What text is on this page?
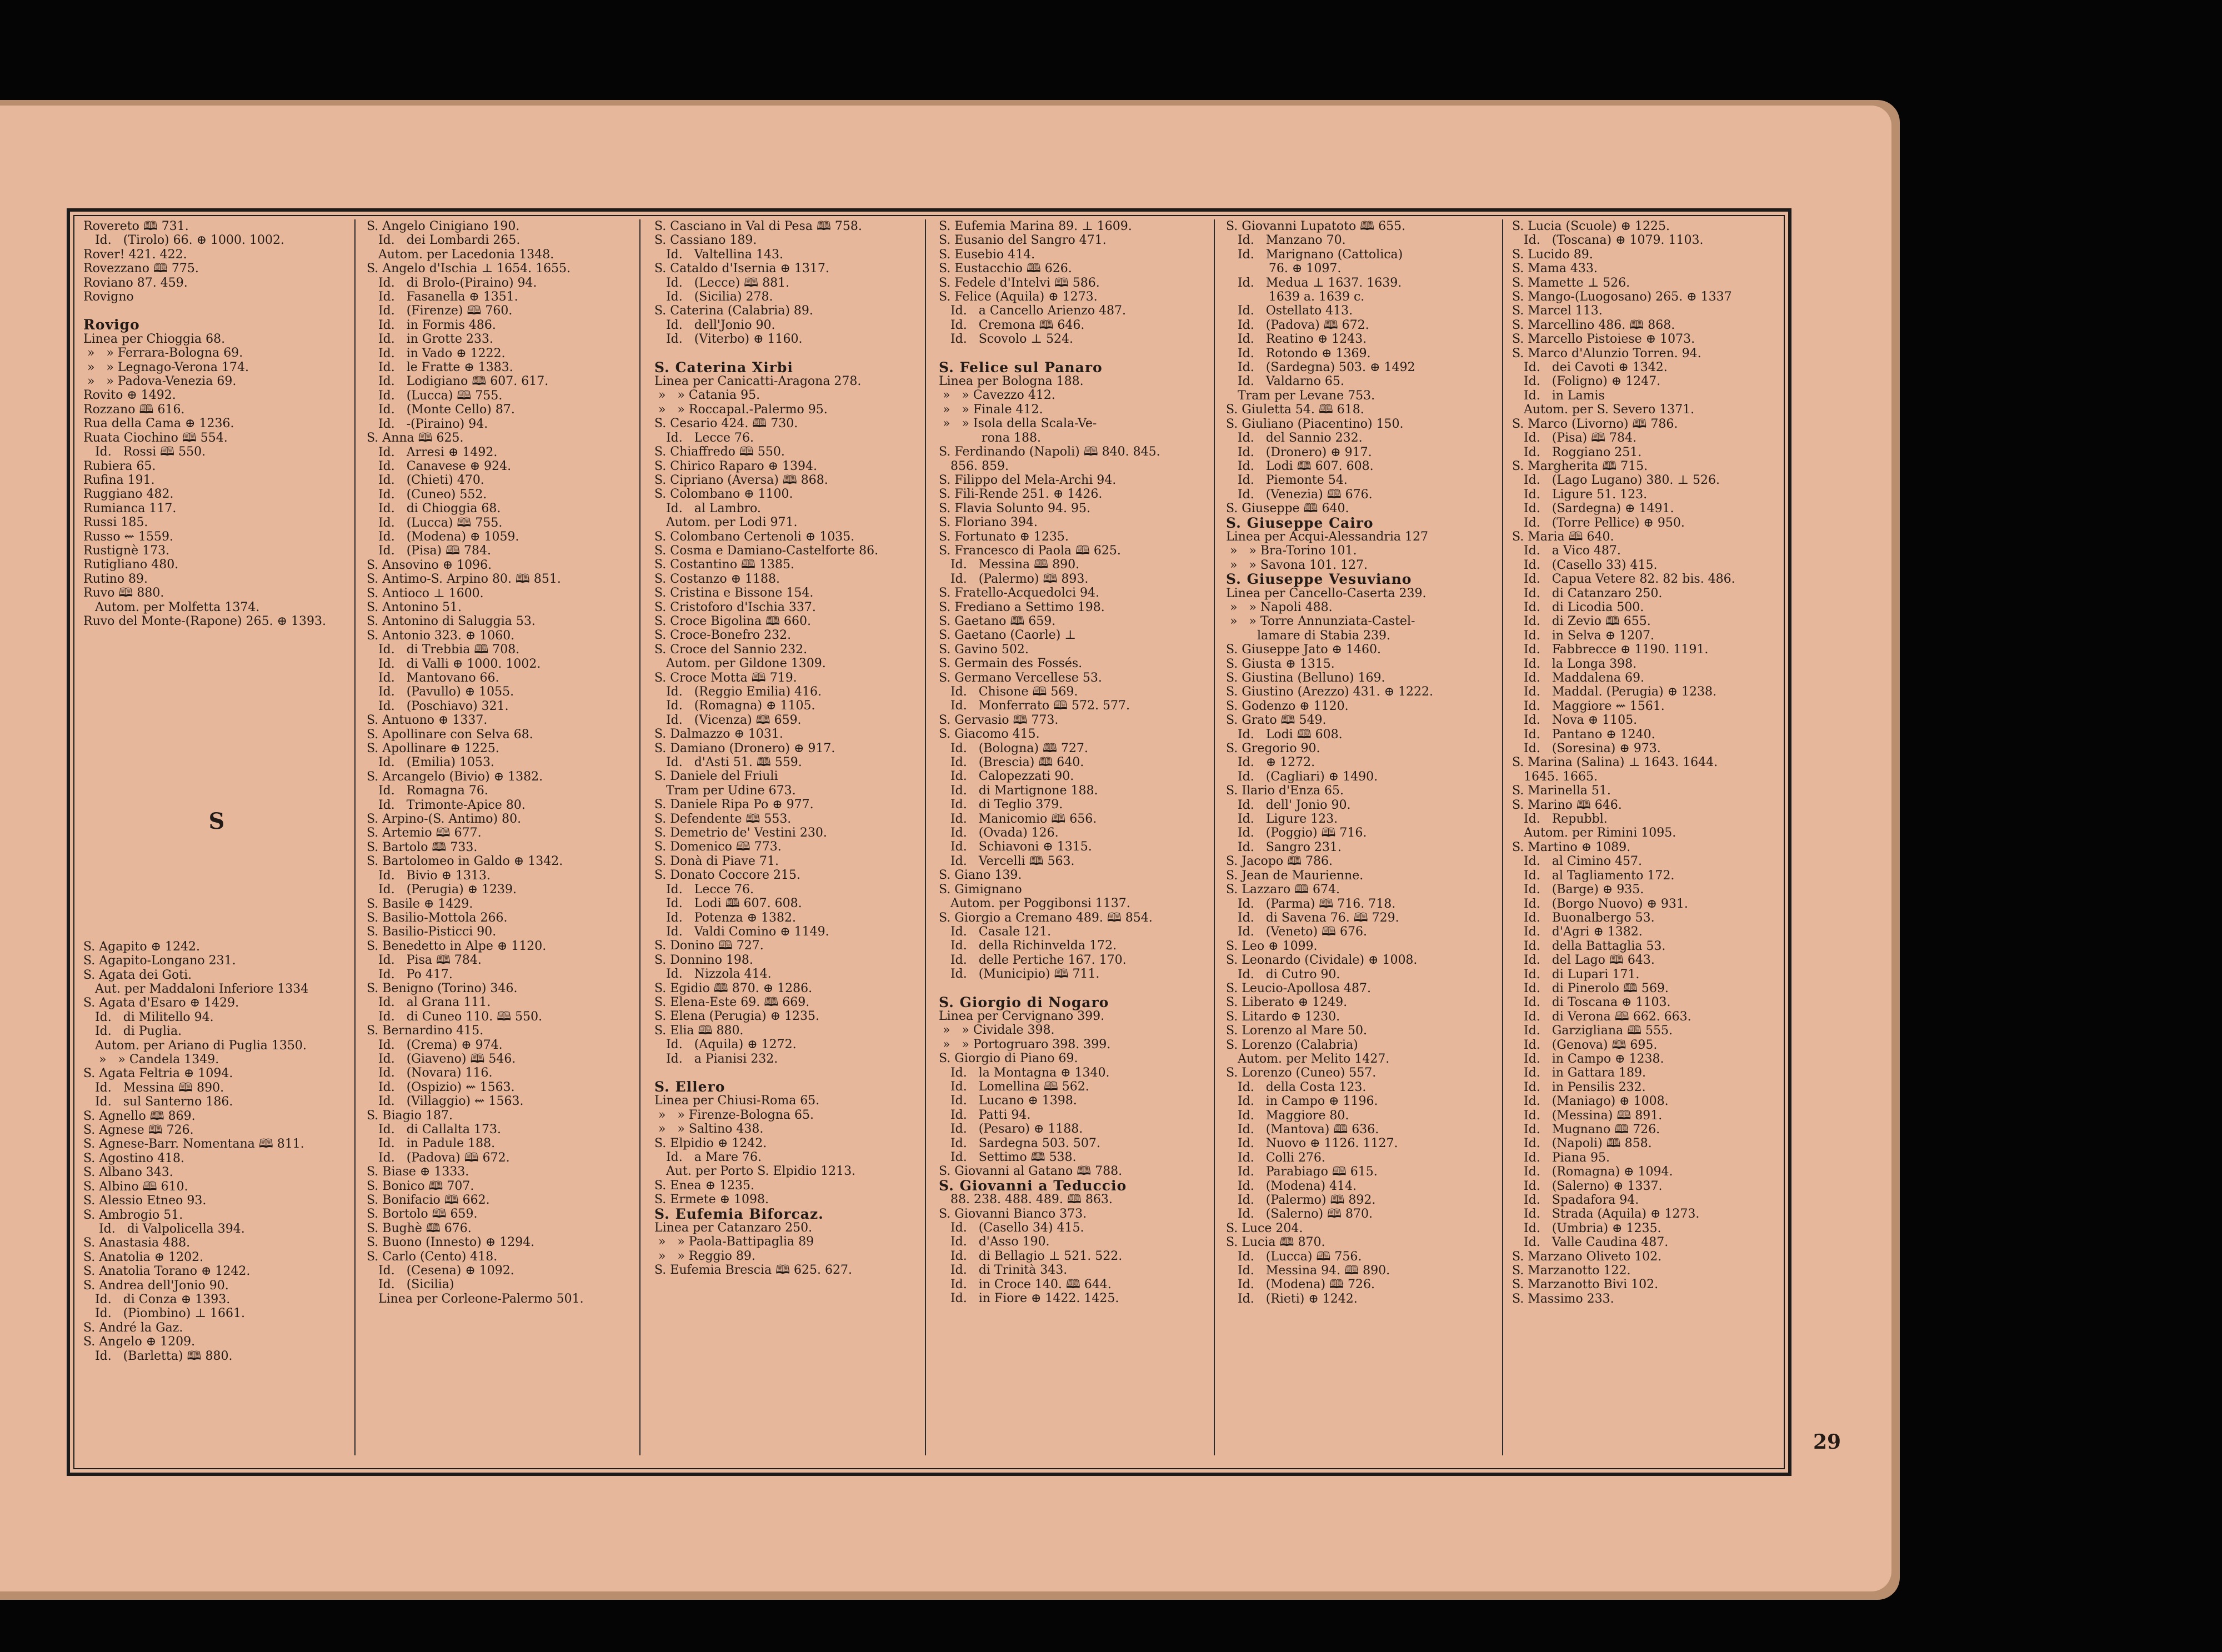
Rovereto 🕮 731.
Id.   (Tirolo) 66. ⊕ 1000. 1002.
Rover! 421. 422.
Rovezzano 🕮 775.
Roviano 87. 459.
Rovigno
Rovigo
Linea per Chioggia 68.
»   » Ferrara-Bologna 69.
»   » Legnago-Verona 174.
»   » Padova-Venezia 69.
Rovito ⊕ 1492.
Rozzano 🕮 616.
Rua della Cama ⊕ 1236.
Ruata Ciochino 🕮 554.
Id.   Rossi 🕮 550.
Rubiera 65.
Rufina 191.
Ruggiano 482.
Rumianca 117.
Russi 185.
Russo ⇜ 1559.
Rustignè 173.
Rutigliano 480.
Rutino 89.
Ruvo 🕮 880.
Autom. per Molfetta 1374.
Ruvo del Monte-(Rapone) 265. ⊕ 1393.
S
S. Agapito ⊕ 1242.
S. Agapito-Longano 231.
S. Agata dei Goti.
Aut. per Maddaloni Inferiore 1334
S. Agata d'Esaro ⊕ 1429.
Id.   di Militello 94.
Id.   di Puglia.
Autom. per Ariano di Puglia 1350.
»   » Candela 1349.
S. Agata Feltria ⊕ 1094.
Id.   Messina 🕮 890.
Id.   sul Santerno 186.
S. Agnello 🕮 869.
S. Agnese 🕮 726.
S. Agnese-Barr. Nomentana 🕮 811.
S. Agostino 418.
S. Albano 343.
S. Albino 🕮 610.
S. Alessio Etneo 93.
S. Ambrogio 51.
Id.   di Valpolicella 394.
S. Anastasia 488.
S. Anatolia ⊕ 1202.
S. Anatolia Torano ⊕ 1242.
S. Andrea dell'Jonio 90.
Id.   di Conza ⊕ 1393.
Id.   (Piombino) ⊥ 1661.
S. André la Gaz.
S. Angelo ⊕ 1209.
Id.   (Barletta) 🕮 880.
S. Angelo Cinigiano 190.
Id.   dei Lombardi 265.
Autom. per Lacedonia 1348.
S. Angelo d'Ischia ⊥ 1654. 1655.
Id.   di Brolo-(Piraino) 94.
Id.   Fasanella ⊕ 1351.
Id.   (Firenze) 🕮 760.
Id.   in Formis 486.
Id.   in Grotte 233.
Id.   in Vado ⊕ 1222.
Id.   le Fratte ⊕ 1383.
Id.   Lodigiano 🕮 607. 617.
Id.   (Lucca) 🕮 755.
Id.   (Monte Cello) 87.
Id.   -(Piraino) 94.
S. Anna 🕮 625.
Id.   Arresi ⊕ 1492.
Id.   Canavese ⊕ 924.
Id.   (Chieti) 470.
Id.   (Cuneo) 552.
Id.   di Chioggia 68.
Id.   (Lucca) 🕮 755.
Id.   (Modena) ⊕ 1059.
Id.   (Pisa) 🕮 784.
S. Ansovino ⊕ 1096.
S. Antimo-S. Arpino 80. 🕮 851.
S. Antioco ⊥ 1600.
S. Antonino 51.
S. Antonino di Saluggia 53.
S. Antonio 323. ⊕ 1060.
Id.   di Trebbia 🕮 708.
Id.   di Valli ⊕ 1000. 1002.
Id.   Mantovano 66.
Id.   (Pavullo) ⊕ 1055.
Id.   (Poschiavo) 321.
S. Antuono ⊕ 1337.
S. Apollinare con Selva 68.
S. Apollinare ⊕ 1225.
Id.   (Emilia) 1053.
S. Arcangelo (Bivio) ⊕ 1382.
Id.   Romagna 76.
Id.   Trimonte-Apice 80.
S. Arpino-(S. Antimo) 80.
S. Artemio 🕮 677.
S. Bartolo 🕮 733.
S. Bartolomeo in Galdo ⊕ 1342.
Id.   Bivio ⊕ 1313.
Id.   (Perugia) ⊕ 1239.
S. Basile ⊕ 1429.
S. Basilio-Mottola 266.
S. Basilio-Pisticci 90.
S. Benedetto in Alpe ⊕ 1120.
Id.   Pisa 🕮 784.
Id.   Po 417.
S. Benigno (Torino) 346.
Id.   al Grana 111.
Id.   di Cuneo 110. 🕮 550.
S. Bernardino 415.
Id.   (Crema) ⊕ 974.
Id.   (Giaveno) 🕮 546.
Id.   (Novara) 116.
Id.   (Ospizio) ⇜ 1563.
Id.   (Villaggio) ⇜ 1563.
S. Biagio 187.
Id.   di Callalta 173.
Id.   in Padule 188.
Id.   (Padova) 🕮 672.
S. Biase ⊕ 1333.
S. Bonico 🕮 707.
S. Bonifacio 🕮 662.
S. Bortolo 🕮 659.
S. Bughè 🕮 676.
S. Buono (Innesto) ⊕ 1294.
S. Carlo (Cento) 418.
Id.   (Cesena) ⊕ 1092.
Id.   (Sicilia)
Linea per Corleone-Palermo 501.
S. Casciano in Val di Pesa 🕮 758.
S. Cassiano 189.
Id.   Valtellina 143.
S. Cataldo d'Isernia ⊕ 1317.
Id.   (Lecce) 🕮 881.
Id.   (Sicilia) 278.
S. Caterina (Calabria) 89.
Id.   dell'Jonio 90.
Id.   (Viterbo) ⊕ 1160.
S. Caterina Xirbi
Linea per Canicatti-Aragona 278.
»   » Catania 95.
»   » Roccapal.-Palermo 95.
S. Cesario 424. 🕮 730.
Id.   Lecce 76.
S. Chiaffredo 🕮 550.
S. Chirico Raparo ⊕ 1394.
S. Cipriano (Aversa) 🕮 868.
S. Colombano ⊕ 1100.
Id.   al Lambro.
Autom. per Lodi 971.
S. Colombano Certenoli ⊕ 1035.
S. Cosma e Damiano-Castelforte 86.
S. Costantino 🕮 1385.
S. Costanzo ⊕ 1188.
S. Cristina e Bissone 154.
S. Cristoforo d'Ischia 337.
S. Croce Bigolina 🕮 660.
S. Croce-Bonefro 232.
S. Croce del Sannio 232.
Autom. per Gildone 1309.
S. Croce Motta 🕮 719.
Id.   (Reggio Emilia) 416.
Id.   (Romagna) ⊕ 1105.
Id.   (Vicenza) 🕮 659.
S. Dalmazzo ⊕ 1031.
S. Damiano (Dronero) ⊕ 917.
Id.   d'Asti 51. 🕮 559.
S. Daniele del Friuli
Tram per Udine 673.
S. Daniele Ripa Po ⊕ 977.
S. Defendente 🕮 553.
S. Demetrio de' Vestini 230.
S. Domenico 🕮 773.
S. Donà di Piave 71.
S. Donato Coccore 215.
Id.   Lecce 76.
Id.   Lodi 🕮 607. 608.
Id.   Potenza ⊕ 1382.
Id.   Valdi Comino ⊕ 1149.
S. Donino 🕮 727.
S. Donnino 198.
Id.   Nizzola 414.
S. Egidio 🕮 870. ⊕ 1286.
S. Elena-Este 69. 🕮 669.
S. Elena (Perugia) ⊕ 1235.
S. Elia 🕮 880.
Id.   (Aquila) ⊕ 1272.
Id.   a Pianisi 232.
S. Ellero
Linea per Chiusi-Roma 65.
»   » Firenze-Bologna 65.
»   » Saltino 438.
S. Elpidio ⊕ 1242.
Id.   a Mare 76.
Aut. per Porto S. Elpidio 1213.
S. Enea ⊕ 1235.
S. Ermete ⊕ 1098.
S. Eufemia Biforcaz.
Linea per Catanzaro 250.
»   » Paola-Battipaglia 89
»   » Reggio 89.
S. Eufemia Brescia 🕮 625. 627.
S. Eufemia Marina 89. ⊥ 1609.
S. Eusanio del Sangro 471.
S. Eusebio 414.
S. Eustacchio 🕮 626.
S. Fedele d'Intelvi 🕮 586.
S. Felice (Aquila) ⊕ 1273.
Id.   a Cancello Arienzo 487.
Id.   Cremona 🕮 646.
Id.   Scovolo ⊥ 524.
S. Felice sul Panaro
Linea per Bologna 188.
»   » Cavezzo 412.
»   » Finale 412.
»   » Isola della Scala-Ve-
rona 188.
S. Ferdinando (Napoli) 🕮 840. 845.
856. 859.
S. Filippo del Mela-Archi 94.
S. Fili-Rende 251. ⊕ 1426.
S. Flavia Solunto 94. 95.
S. Floriano 394.
S. Fortunato ⊕ 1235.
S. Francesco di Paola 🕮 625.
Id.   Messina 🕮 890.
Id.   (Palermo) 🕮 893.
S. Fratello-Acquedolci 94.
S. Frediano a Settimo 198.
S. Gaetano 🕮 659.
S. Gaetano (Caorle) ⊥
S. Gavino 502.
S. Germain des Fossés.
S. Germano Vercellese 53.
Id.   Chisone 🕮 569.
Id.   Monferrato 🕮 572. 577.
S. Gervasio 🕮 773.
S. Giacomo 415.
Id.   (Bologna) 🕮 727.
Id.   (Brescia) 🕮 640.
Id.   Calopezzati 90.
Id.   di Martignone 188.
Id.   di Teglio 379.
Id.   Manicomio 🕮 656.
Id.   (Ovada) 126.
Id.   Schiavoni ⊕ 1315.
Id.   Vercelli 🕮 563.
S. Giano 139.
S. Gimignano
Autom. per Poggibonsi 1137.
S. Giorgio a Cremano 489. 🕮 854.
Id.   Casale 121.
Id.   della Richinvelda 172.
Id.   delle Pertiche 167. 170.
Id.   (Municipio) 🕮 711.
S. Giorgio di Nogaro
Linea per Cervignano 399.
»   » Cividale 398.
»   » Portogruaro 398. 399.
S. Giorgio di Piano 69.
Id.   la Montagna ⊕ 1340.
Id.   Lomellina 🕮 562.
Id.   Lucano ⊕ 1398.
Id.   Patti 94.
Id.   (Pesaro) ⊕ 1188.
Id.   Sardegna 503. 507.
Id.   Settimo 🕮 538.
S. Giovanni al Gatano 🕮 788.
S. Giovanni a Teduccio
88. 238. 488. 489. 🕮 863.
S. Giovanni Bianco 373.
Id.   (Casello 34) 415.
Id.   d'Asso 190.
Id.   di Bellagio ⊥ 521. 522.
Id.   di Trinità 343.
Id.   in Croce 140. 🕮 644.
Id.   in Fiore ⊕ 1422. 1425.
S. Giovanni Lupatoto 🕮 655.
Id.   Manzano 70.
Id.   Marignano (Cattolica)
76. ⊕ 1097.
Id.   Medua ⊥ 1637. 1639.
1639 a. 1639 c.
Id.   Ostellato 413.
Id.   (Padova) 🕮 672.
Id.   Reatino ⊕ 1243.
Id.   Rotondo ⊕ 1369.
Id.   (Sardegna) 503. ⊕ 1492
Id.   Valdarno 65.
Tram per Levane 753.
S. Giuletta 54. 🕮 618.
S. Giuliano (Piacentino) 150.
Id.   del Sannio 232.
Id.   (Dronero) ⊕ 917.
Id.   Lodi 🕮 607. 608.
Id.   Piemonte 54.
Id.   (Venezia) 🕮 676.
S. Giuseppe 🕮 640.
S. Giuseppe Cairo
Linea per Acqui-Alessandria 127
»   » Bra-Torino 101.
»   » Savona 101. 127.
S. Giuseppe Vesuviano
Linea per Cancello-Caserta 239.
»   » Napoli 488.
»   » Torre Annunziata-Castel-
lamare di Stabia 239.
S. Giuseppe Jato ⊕ 1460.
S. Giusta ⊕ 1315.
S. Giustina (Belluno) 169.
S. Giustino (Arezzo) 431. ⊕ 1222.
S. Godenzo ⊕ 1120.
S. Grato 🕮 549.
Id.   Lodi 🕮 608.
S. Gregorio 90.
Id.   ⊕ 1272.
Id.   (Cagliari) ⊕ 1490.
S. Ilario d'Enza 65.
Id.   dell' Jonio 90.
Id.   Ligure 123.
Id.   (Poggio) 🕮 716.
Id.   Sangro 231.
S. Jacopo 🕮 786.
S. Jean de Maurienne.
S. Lazzaro 🕮 674.
Id.   (Parma) 🕮 716. 718.
Id.   di Savena 76. 🕮 729.
Id.   (Veneto) 🕮 676.
S. Leo ⊕ 1099.
S. Leonardo (Cividale) ⊕ 1008.
Id.   di Cutro 90.
S. Leucio-Apollosa 487.
S. Liberato ⊕ 1249.
S. Litardo ⊕ 1230.
S. Lorenzo al Mare 50.
S. Lorenzo (Calabria)
Autom. per Melito 1427.
S. Lorenzo (Cuneo) 557.
Id.   della Costa 123.
Id.   in Campo ⊕ 1196.
Id.   Maggiore 80.
Id.   (Mantova) 🕮 636.
Id.   Nuovo ⊕ 1126. 1127.
Id.   Colli 276.
Id.   Parabiago 🕮 615.
Id.   (Modena) 414.
Id.   (Palermo) 🕮 892.
Id.   (Salerno) 🕮 870.
S. Luce 204.
S. Lucia 🕮 870.
Id.   (Lucca) 🕮 756.
Id.   Messina 94. 🕮 890.
Id.   (Modena) 🕮 726.
Id.   (Rieti) ⊕ 1242.
S. Lucia (Scuole) ⊕ 1225.
Id.   (Toscana) ⊕ 1079. 1103.
S. Lucido 89.
S. Mama 433.
S. Mamette ⊥ 526.
S. Mango-(Luogosano) 265. ⊕ 1337
S. Marcel 113.
S. Marcellino 486. 🕮 868.
S. Marcello Pistoiese ⊕ 1073.
S. Marco d'Alunzio Torren. 94.
Id.   dei Cavoti ⊕ 1342.
Id.   (Foligno) ⊕ 1247.
Id.   in Lamis
Autom. per S. Severo 1371.
S. Marco (Livorno) 🕮 786.
Id.   (Pisa) 🕮 784.
Id.   Roggiano 251.
S. Margherita 🕮 715.
Id.   (Lago Lugano) 380. ⊥ 526.
Id.   Ligure 51. 123.
Id.   (Sardegna) ⊕ 1491.
Id.   (Torre Pellice) ⊕ 950.
S. Maria 🕮 640.
Id.   a Vico 487.
Id.   (Casello 33) 415.
Id.   Capua Vetere 82. 82 bis. 486.
Id.   di Catanzaro 250.
Id.   di Licodia 500.
Id.   di Zevio 🕮 655.
Id.   in Selva ⊕ 1207.
Id.   Fabbrecce ⊕ 1190. 1191.
Id.   la Longa 398.
Id.   Maddalena 69.
Id.   Maddal. (Perugia) ⊕ 1238.
Id.   Maggiore ⇜ 1561.
Id.   Nova ⊕ 1105.
Id.   Pantano ⊕ 1240.
Id.   (Soresina) ⊕ 973.
S. Marina (Salina) ⊥ 1643. 1644.
1645. 1665.
S. Marinella 51.
S. Marino 🕮 646.
Id.   Repubbl.
Autom. per Rimini 1095.
S. Martino ⊕ 1089.
Id.   al Cimino 457.
Id.   al Tagliamento 172.
Id.   (Barge) ⊕ 935.
Id.   (Borgo Nuovo) ⊕ 931.
Id.   Buonalbergo 53.
Id.   d'Agri ⊕ 1382.
Id.   della Battaglia 53.
Id.   del Lago 🕮 643.
Id.   di Lupari 171.
Id.   di Pinerolo 🕮 569.
Id.   di Toscana ⊕ 1103.
Id.   di Verona 🕮 662. 663.
Id.   Garzigliana 🕮 555.
Id.   (Genova) 🕮 695.
Id.   in Campo ⊕ 1238.
Id.   in Gattara 189.
Id.   in Pensilis 232.
Id.   (Maniago) ⊕ 1008.
Id.   (Messina) 🕮 891.
Id.   Mugnano 🕮 726.
Id.   (Napoli) 🕮 858.
Id.   Piana 95.
Id.   (Romagna) ⊕ 1094.
Id.   (Salerno) ⊕ 1337.
Id.   Spadafora 94.
Id.   Strada (Aquila) ⊕ 1273.
Id.   (Umbria) ⊕ 1235.
Id.   Valle Caudina 487.
S. Marzano Oliveto 102.
S. Marzanotto 122.
S. Marzanotto Bivi 102.
S. Massimo 233.
29
